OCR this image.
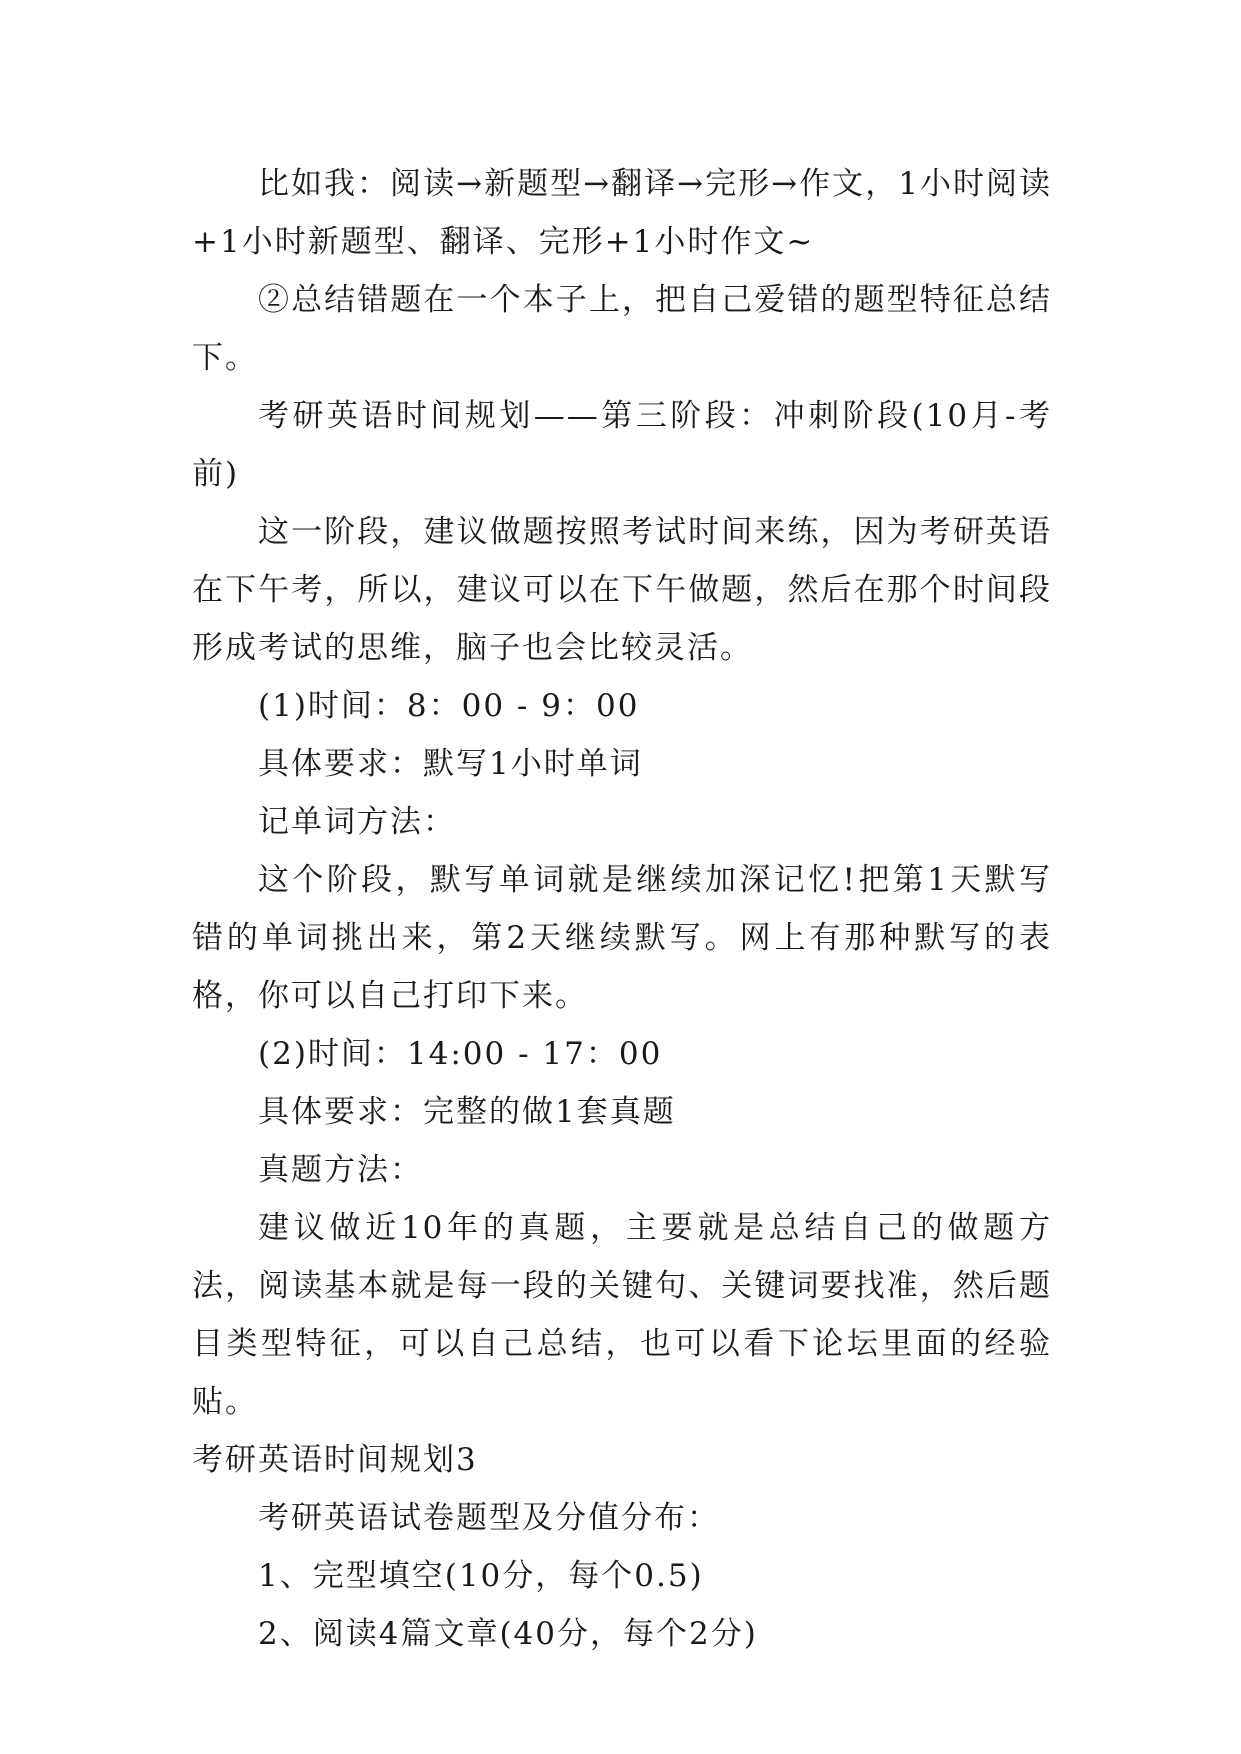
比如我：阅读→新题型→翻译→完形→作文，1小时阅读+1小时新题型、翻译、完形+1小时作文~

②总结错题在一个本子上，把自己爱错的题型特征总结下。

考研英语时间规划——第三阶段：冲刺阶段(10月-考前)

这一阶段，建议做题按照考试时间来练，因为考研英语在下午考，所以，建议可以在下午做题，然后在那个时间段形成考试的思维，脑子也会比较灵活。

(1)时间：8：00 - 9：00

具体要求：默写1小时单词

记单词方法：

这个阶段，默写单词就是继续加深记忆!把第1天默写错的单词挑出来，第2天继续默写。网上有那种默写的表格，你可以自己打印下来。

(2)时间：14:00 - 17：00

具体要求：完整的做1套真题

真题方法：

建议做近10年的真题，主要就是总结自己的做题方法，阅读基本就是每一段的关键句、关键词要找准，然后题目类型特征，可以自己总结，也可以看下论坛里面的经验贴。

考研英语时间规划3

考研英语试卷题型及分值分布：

1、完型填空(10分，每个0.5)

2、阅读4篇文章(40分，每个2分)
